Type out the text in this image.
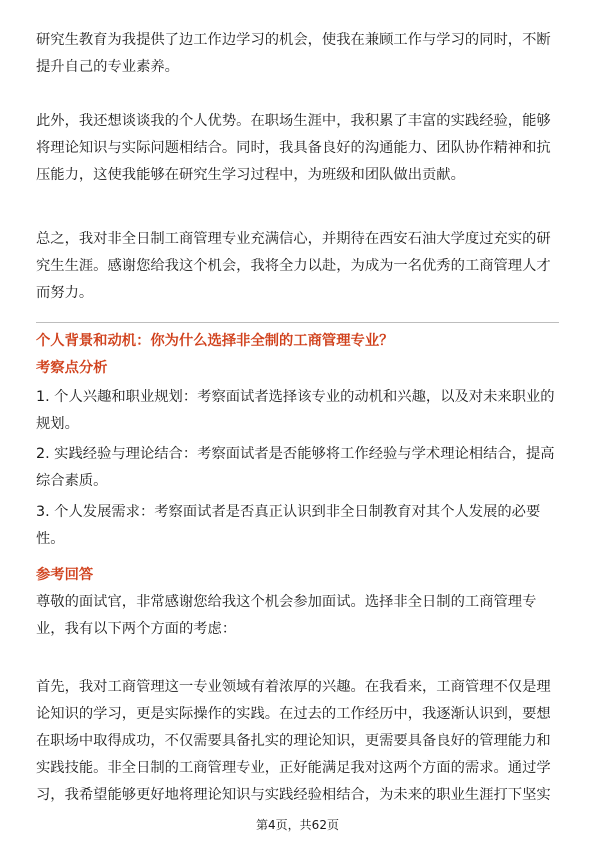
研究生教育为我提供了边工作边学习的机会，使我在兼顾工作与学习的同时，不断提升自己的专业素养。

此外，我还想谈谈我的个人优势。在职场生涯中，我积累了丰富的实践经验，能够将理论知识与实际问题相结合。同时，我具备良好的沟通能力、团队协作精神和抗压能力，这使我能够在研究生学习过程中，为班级和团队做出贡献。

总之，我对非全日制工商管理专业充满信心，并期待在西安石油大学度过充实的研究生生涯。感谢您给我这个机会，我将全力以赴，为成为一名优秀的工商管理人才而努力。

个人背景和动机：你为什么选择非全制的工商管理专业？

考察点分析

1. 个人兴趣和职业规划：考察面试者选择该专业的动机和兴趣，以及对未来职业的规划。

2. 实践经验与理论结合：考察面试者是否能够将工作经验与学术理论相结合，提高综合素质。

3. 个人发展需求：考察面试者是否真正认识到非全日制教育对其个人发展的必要性。

参考回答

尊敬的面试官，非常感谢您给我这个机会参加面试。选择非全日制的工商管理专业，我有以下两个方面的考虑：

首先，我对工商管理这一专业领域有着浓厚的兴趣。在我看来，工商管理不仅是理论知识的学习，更是实际操作的实践。在过去的工作经历中，我逐渐认识到，要想在职场中取得成功，不仅需要具备扎实的理论知识，更需要具备良好的管理能力和实践技能。非全日制的工商管理专业，正好能满足我对这两个方面的需求。通过学习，我希望能够更好地将理论知识与实践经验相结合，为未来的职业生涯打下坚实

第4页，共62页
